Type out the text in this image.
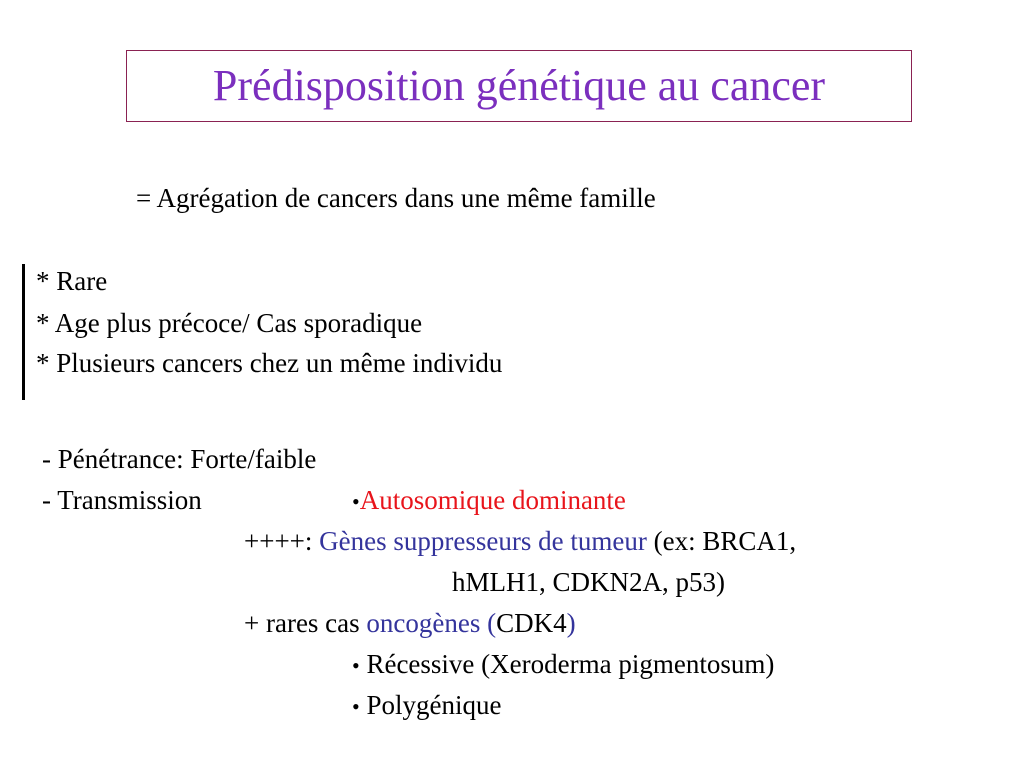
Prédisposition génétique au cancer
= Agrégation de cancers dans une même famille
* Rare
* Age plus précoce/ Cas sporadique
* Plusieurs cancers chez un même individu
- Pénétrance: Forte/faible
- Transmission	•Autosomique dominante
++++: Gènes suppresseurs de tumeur (ex: BRCA1,
hMLH1, CDKN2A, p53)
+ rares cas oncogènes (CDK4)
• Récessive (Xeroderma pigmentosum)
• Polygénique
